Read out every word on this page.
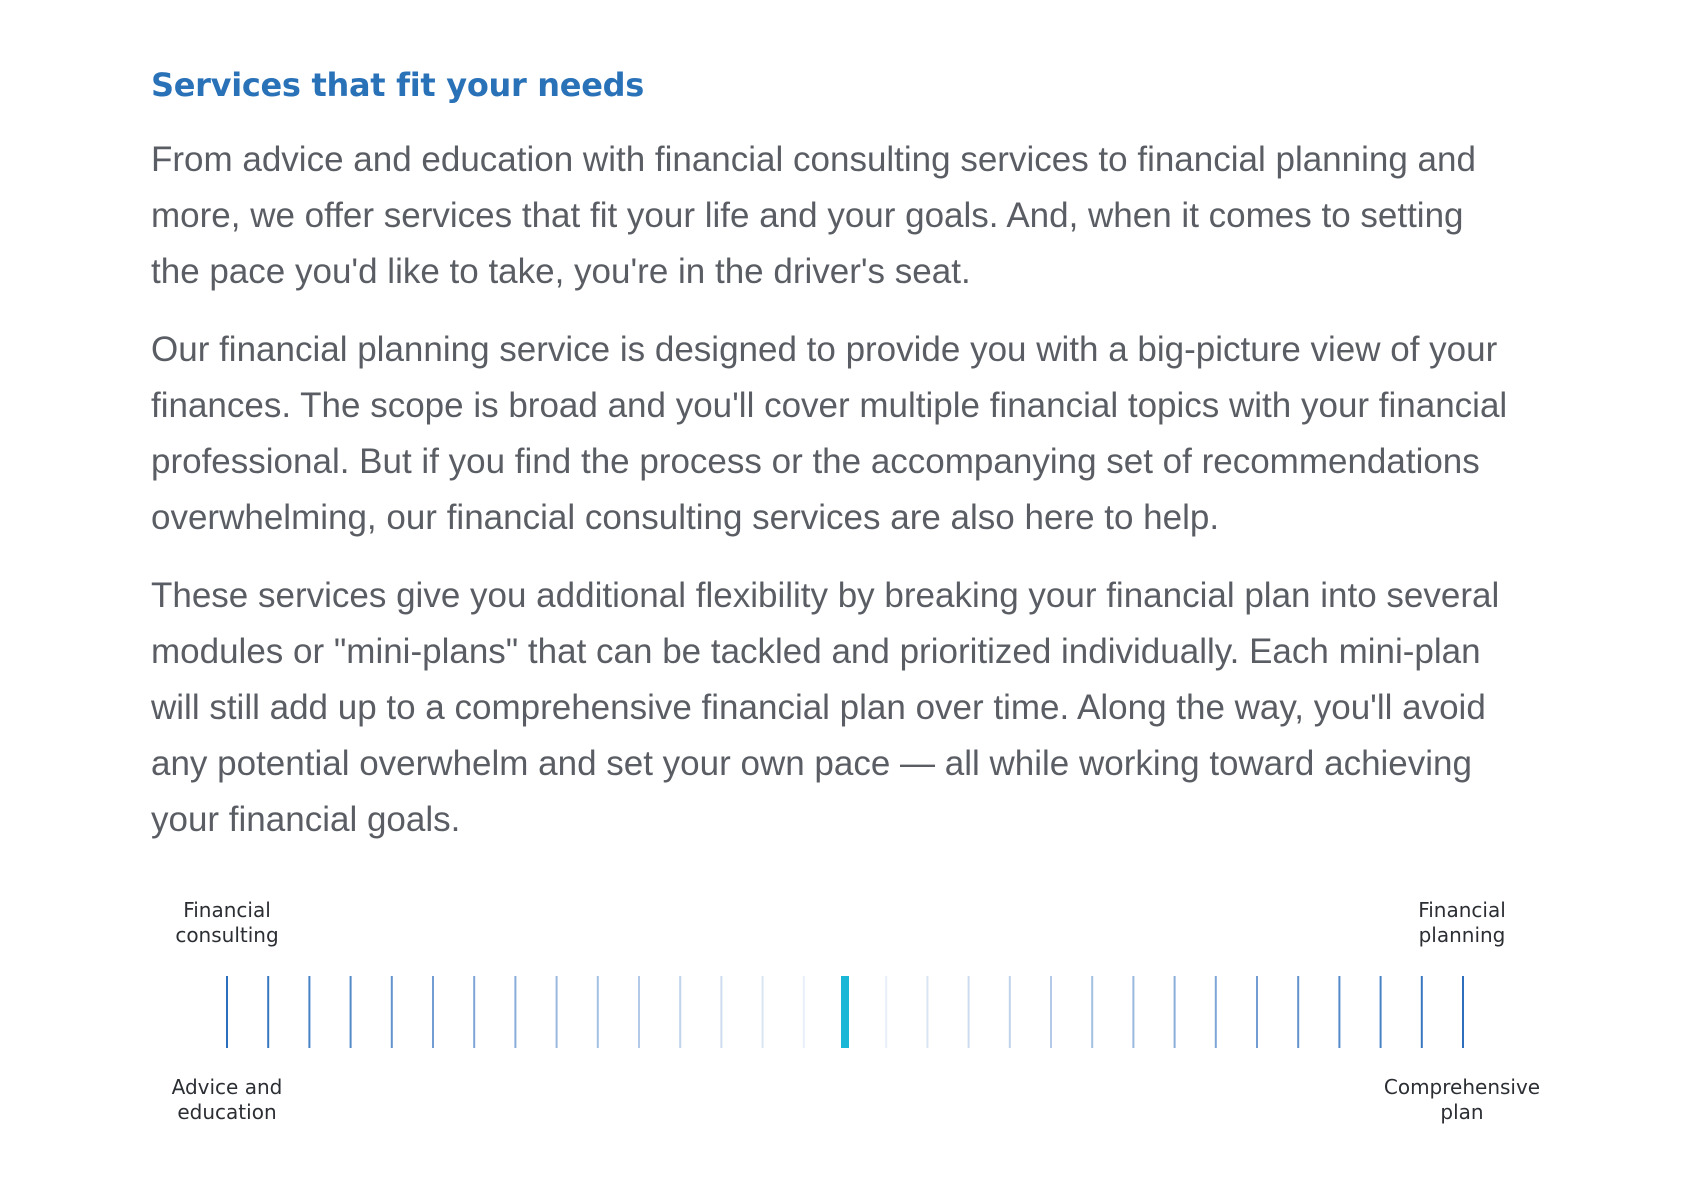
Services that fit your needs

From advice and education with financial consulting services to financial planning and
more, we offer services that fit your life and your goals. And, when it comes to setting
the pace you'd like to take, you're in the driver's seat.

Our financial planning service is designed to provide you with a big-picture view of your
finances. The scope is broad and you'll cover multiple financial topics with your financial
professional. But if you find the process or the accompanying set of recommendations
overwhelming, our financial consulting services are also here to help.

These services give you additional flexibility by breaking your financial plan into several
modules or "mini-plans" that can be tackled and prioritized individually. Each mini-plan
will still add up to a comprehensive financial plan over time. Along the way, you'll avoid
any potential overwhelm and set your own pace — all while working toward achieving
your financial goals.

Financial
consulting
Financial
planning
Advice and
education
Comprehensive
plan
